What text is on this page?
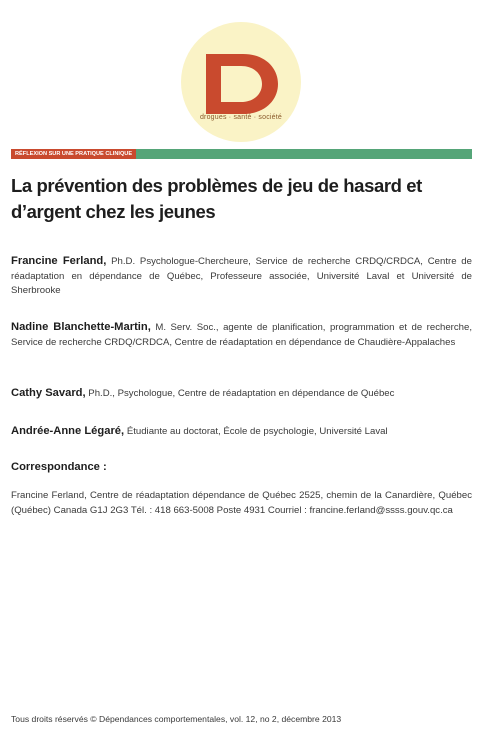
drogues · santé · société
RÉFLEXION SUR UNE PRATIQUE CLINIQUE
La prévention des problèmes de jeu de hasard et d’argent chez les jeunes
Francine Ferland, Ph.D. Psychologue-Chercheure, Service de recherche CRDQ/CRDCA, Centre de réadaptation en dépendance de Québec, Professeure associée, Université Laval et Université de Sherbrooke
Nadine Blanchette-Martin, M. Serv. Soc., agente de planification, programmation et de recherche, Service de recherche CRDQ/CRDCA, Centre de réadaptation en dépendance de Chaudière-Appalaches
Cathy Savard, Ph.D., Psychologue, Centre de réadaptation en dépendance de Québec
Andrée-Anne Légaré, Étudiante au doctorat, École de psychologie, Université Laval
Correspondance :
Francine Ferland, Centre de réadaptation dépendance de Québec 2525, chemin de la Canardière, Québec (Québec) Canada G1J 2G3 Tél. : 418 663-5008 Poste 4931 Courriel : francine.ferland@ssss.gouv.qc.ca
Tous droits réservés © Dépendances comportementales, vol. 12, no 2, décembre 2013
